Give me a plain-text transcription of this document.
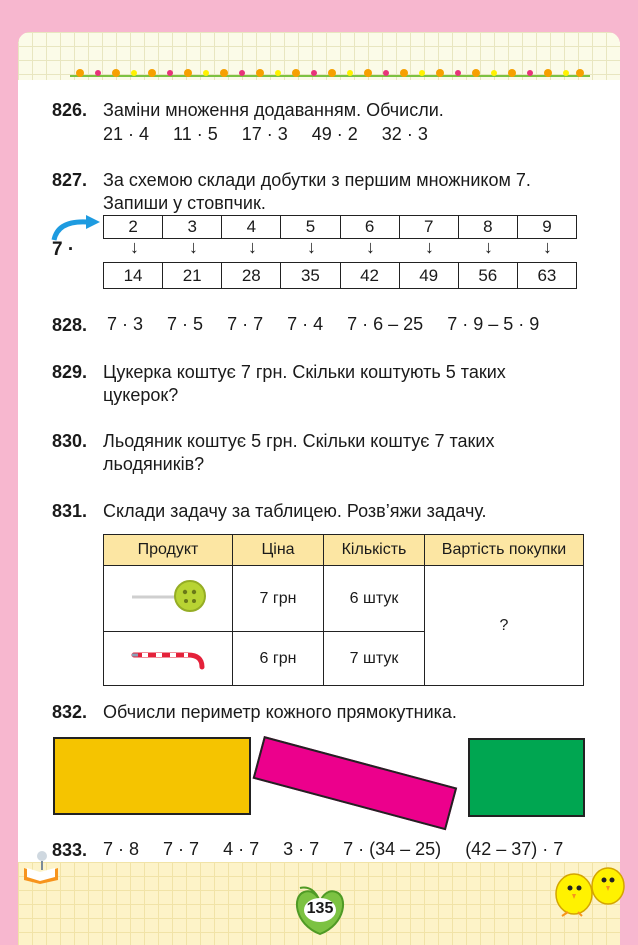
826. Заміни множення додаванням. Обчисли.
21 · 4 11 · 5 17 · 3 49 · 2 32 · 3
827. За схемою склади добутки з першим множником 7.
Запиши у стовпчик.
7 ·
2	3	4	5	6	7	8	9
↓	↓	↓	↓	↓	↓	↓	↓
14	21	28	35	42	49	56	63
828. 7 · 3 7 · 5 7 · 7 7 · 4 7 · 6 – 25 7 · 9 – 5 · 9
829. Цукерка коштує 7 грн. Скільки коштують 5 таких
цукерок?
830. Льодяник коштує 5 грн. Скільки коштує 7 таких
льодяників?
831. Склади задачу за таблицею. Розв’яжи задачу.
Продукт	Ціна	Кількість	Вартість покупки
	7 грн	6 штук	?
	6 грн	7 штук	
832. Обчисли периметр кожного прямокутника.
833. 7 · 8 7 · 7 4 · 7 3 · 7 7 · (34 – 25) (42 – 37) · 7
135
